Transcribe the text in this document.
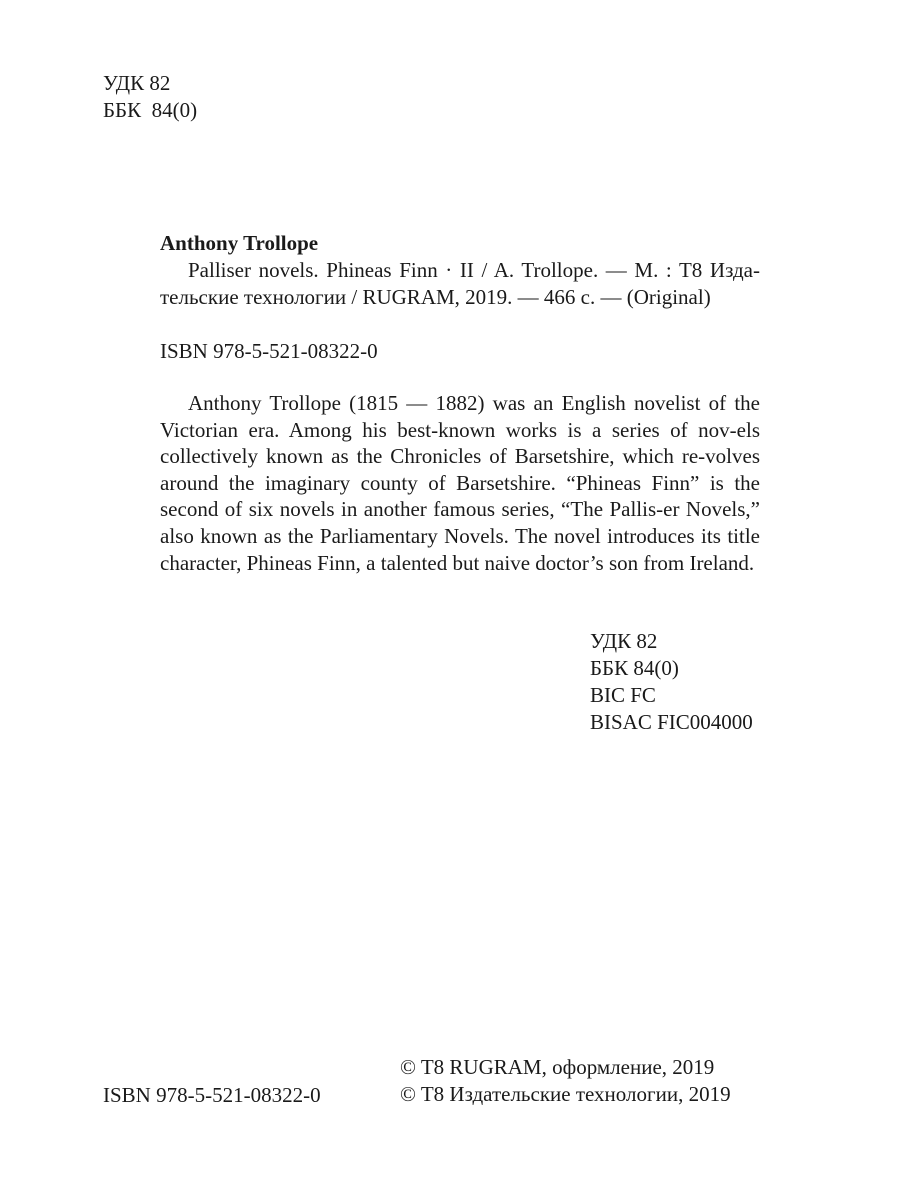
УДК 82
ББК  84(0)
Anthony Trollope
Palliser novels. Phineas Finn · II / A. Trollope. — M. : T8 Изда-тельские технологии / RUGRAM, 2019. — 466 c. — (Original)
ISBN 978-5-521-08322-0

Anthony Trollope (1815 — 1882) was an English novelist of the Victorian era. Among his best-known works is a series of nov-els collectively known as the Chronicles of Barsetshire, which re-volves around the imaginary county of Barsetshire. “Phineas Finn” is the second of six novels in another famous series, “The Pallis-er Novels,” also known as the Parliamentary Novels. The novel introduces its title character, Phineas Finn, a talented but naive doctor’s son from Ireland.

УДК 82
ББК 84(0)
BIC FC
BISAC FIC004000
ISBN 978-5-521-08322-0
© T8 RUGRAM, оформление, 2019
© T8 Издательские технологии, 2019
